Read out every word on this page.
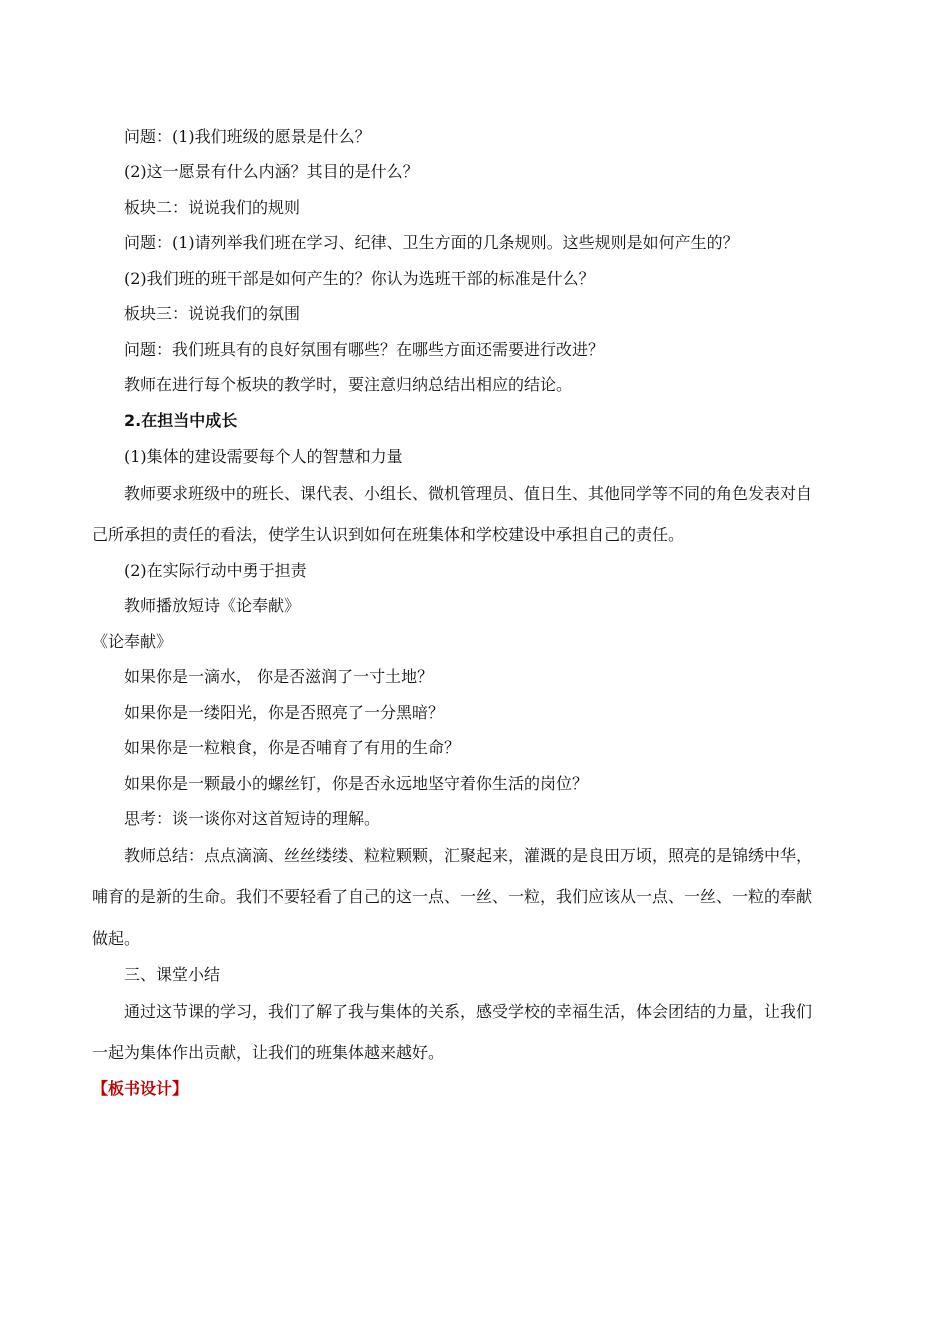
问题：(1)我们班级的愿景是什么？
(2)这一愿景有什么内涵？其目的是什么？
板块二：说说我们的规则
问题：(1)请列举我们班在学习、纪律、卫生方面的几条规则。这些规则是如何产生的？
(2)我们班的班干部是如何产生的？你认为选班干部的标准是什么？
板块三：说说我们的氛围
问题：我们班具有的良好氛围有哪些？在哪些方面还需要进行改进？
教师在进行每个板块的教学时，要注意归纳总结出相应的结论。
2.在担当中成长
(1)集体的建设需要每个人的智慧和力量
教师要求班级中的班长、课代表、小组长、微机管理员、值日生、其他同学等不同的角色发表对自
己所承担的责任的看法，使学生认识到如何在班集体和学校建设中承担自己的责任。
(2)在实际行动中勇于担责
教师播放短诗《论奉献》
《论奉献》
如果你是一滴水， 你是否滋润了一寸土地？
如果你是一缕阳光，你是否照亮了一分黑暗？
如果你是一粒粮食，你是否哺育了有用的生命？
如果你是一颗最小的螺丝钉，你是否永远地坚守着你生活的岗位？
思考：谈一谈你对这首短诗的理解。
教师总结：点点滴滴、丝丝缕缕、粒粒颗颗，汇聚起来，灌溉的是良田万顷，照亮的是锦绣中华，
哺育的是新的生命。我们不要轻看了自己的这一点、一丝、一粒，我们应该从一点、一丝、一粒的奉献
做起。
三、课堂小结
通过这节课的学习，我们了解了我与集体的关系，感受学校的幸福生活，体会团结的力量，让我们
一起为集体作出贡献，让我们的班集体越来越好。
【板书设计】
